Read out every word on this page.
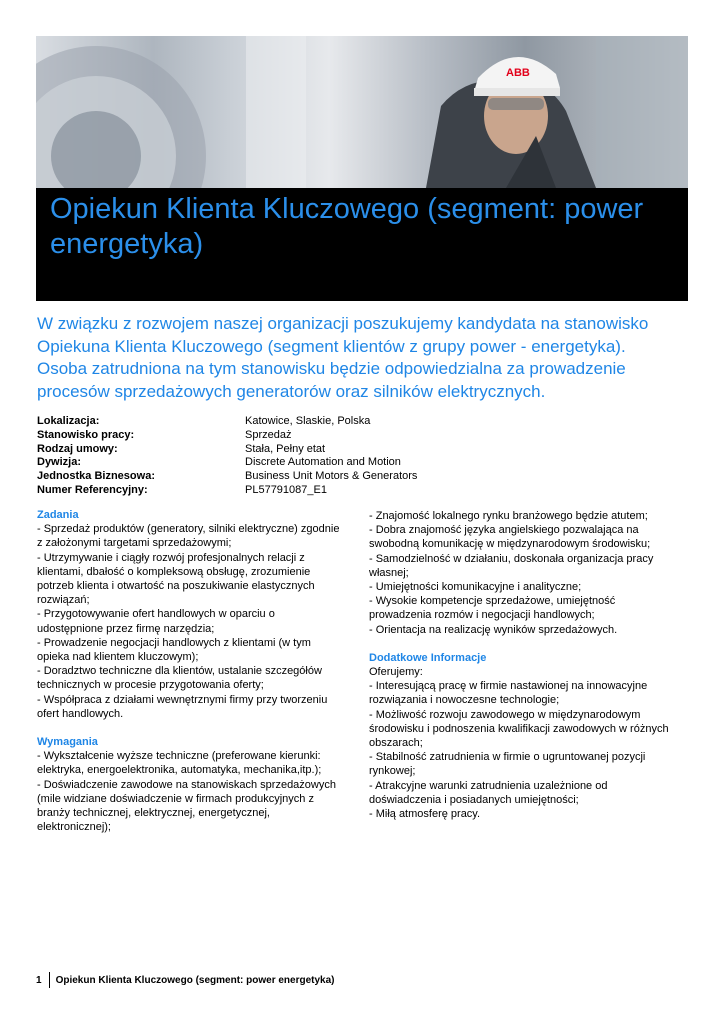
ABB
Opiekun Klienta Kluczowego (segment: power energetyka)

W związku z rozwojem naszej organizacji poszukujemy kandydata na stanowisko Opiekuna Klienta Kluczowego (segment klientów z grupy power - energetyka). Osoba zatrudniona na tym stanowisku będzie odpowiedzialna za prowadzenie procesów sprzedażowych generatorów oraz silników elektrycznych.

Lokalizacja:	Katowice, Slaskie, Polska
Stanowisko pracy:	Sprzedaż
Rodzaj umowy:	Stała, Pełny etat
Dywizja:	Discrete Automation and Motion
Jednostka Biznesowa:	Business Unit Motors & Generators
Numer Referencyjny:	PL57791087_E1
Zadania
- Sprzedaż produktów (generatory, silniki elektryczne) zgodnie
z założonymi targetami sprzedażowymi;
- Utrzymywanie i ciągły rozwój profesjonalnych relacji z
klientami, dbałość o kompleksową obsługę, zrozumienie
potrzeb klienta i otwartość na poszukiwanie elastycznych
rozwiązań;
- Przygotowywanie ofert handlowych w oparciu o
udostępnione przez firmę narzędzia;
- Prowadzenie negocjacji handlowych z klientami (w tym
opieka nad klientem kluczowym);
- Doradztwo techniczne dla klientów, ustalanie szczegółów
technicznych w procesie przygotowania oferty;
- Współpraca z działami wewnętrznymi firmy przy tworzeniu
ofert handlowych.
Wymagania
- Wykształcenie wyższe techniczne (preferowane kierunki:
elektryka, energoelektronika, automatyka, mechanika,itp.);
- Doświadczenie zawodowe na stanowiskach sprzedażowych
(mile widziane doświadczenie w firmach produkcyjnych z
branży technicznej, elektrycznej, energetycznej,
elektronicznej);
- Znajomość lokalnego rynku branżowego będzie atutem;
- Dobra znajomość języka angielskiego pozwalająca na
swobodną komunikację w międzynarodowym środowisku;
- Samodzielność w działaniu, doskonała organizacja pracy
własnej;
- Umiejętności komunikacyjne i analityczne;
- Wysokie kompetencje sprzedażowe, umiejętność
prowadzenia rozmów i negocjacji handlowych;
- Orientacja na realizację wyników sprzedażowych.
Dodatkowe Informacje
Oferujemy:
- Interesującą pracę w firmie nastawionej na innowacyjne
rozwiązania i nowoczesne technologie;
- Możliwość rozwoju zawodowego w międzynarodowym
środowisku i podnoszenia kwalifikacji zawodowych w różnych
obszarach;
- Stabilność zatrudnienia w firmie o ugruntowanej pozycji
rynkowej;
- Atrakcyjne warunki zatrudnienia uzależnione od
doświadczenia i posiadanych umiejętności;
- Miłą atmosferę pracy.
1 Opiekun Klienta Kluczowego (segment: power energetyka)
